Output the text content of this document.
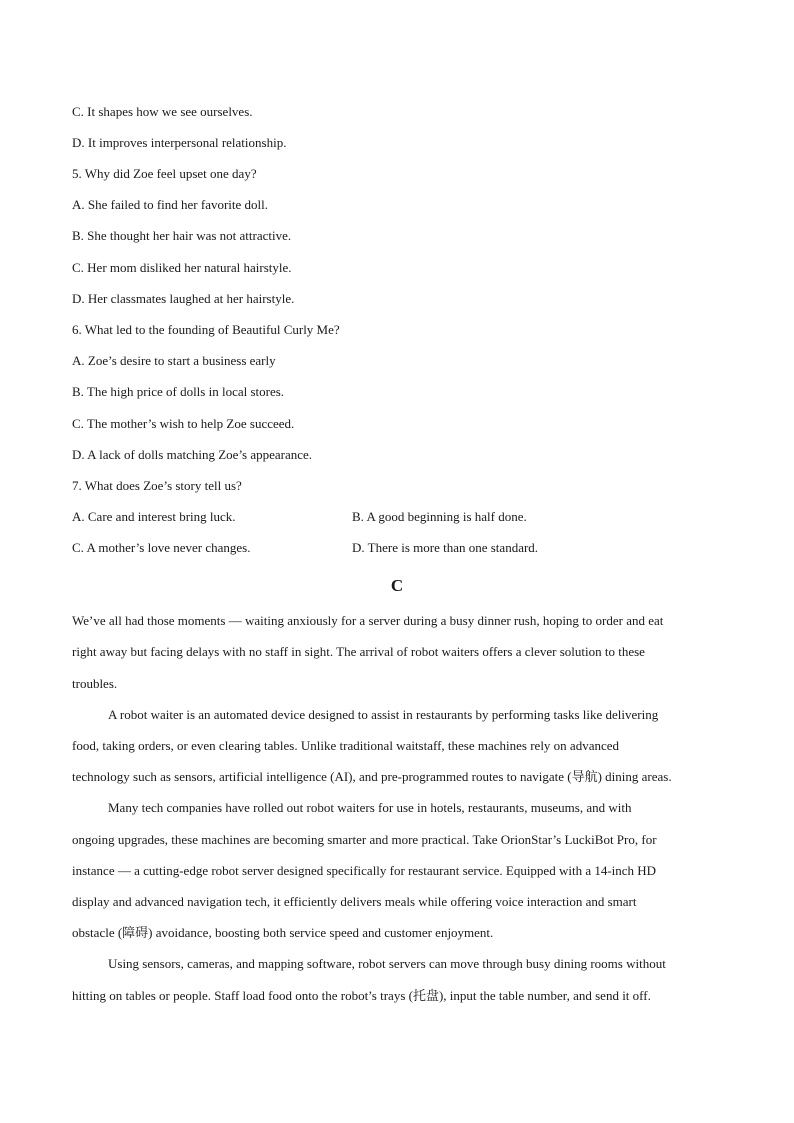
C. It shapes how we see ourselves.
D. It improves interpersonal relationship.
5. Why did Zoe feel upset one day?
A. She failed to find her favorite doll.
B. She thought her hair was not attractive.
C. Her mom disliked her natural hairstyle.
D. Her classmates laughed at her hairstyle.
6. What led to the founding of Beautiful Curly Me?
A. Zoe’s desire to start a business early
B. The high price of dolls in local stores.
C. The mother’s wish to help Zoe succeed.
D. A lack of dolls matching Zoe’s appearance.
7. What does Zoe’s story tell us?
A. Care and interest bring luck.	B. A good beginning is half done.
C. A mother’s love never changes.	D. There is more than one standard.
C
We’ve all had those moments — waiting anxiously for a server during a busy dinner rush, hoping to order and eat
right away but facing delays with no staff in sight. The arrival of robot waiters offers a clever solution to these
troubles.
A robot waiter is an automated device designed to assist in restaurants by performing tasks like delivering
food, taking orders, or even clearing tables. Unlike traditional waitstaff, these machines rely on advanced
technology such as sensors, artificial intelligence (AI), and pre-programmed routes to navigate (导航) dining areas.
Many tech companies have rolled out robot waiters for use in hotels, restaurants, museums, and with
ongoing upgrades, these machines are becoming smarter and more practical. Take OrionStar’s LuckiBot Pro, for
instance — a cutting-edge robot server designed specifically for restaurant service. Equipped with a 14-inch HD
display and advanced navigation tech, it efficiently delivers meals while offering voice interaction and smart
obstacle (障碍) avoidance, boosting both service speed and customer enjoyment.
Using sensors, cameras, and mapping software, robot servers can move through busy dining rooms without
hitting on tables or people. Staff load food onto the robot’s trays (托盘), input the table number, and send it off.
